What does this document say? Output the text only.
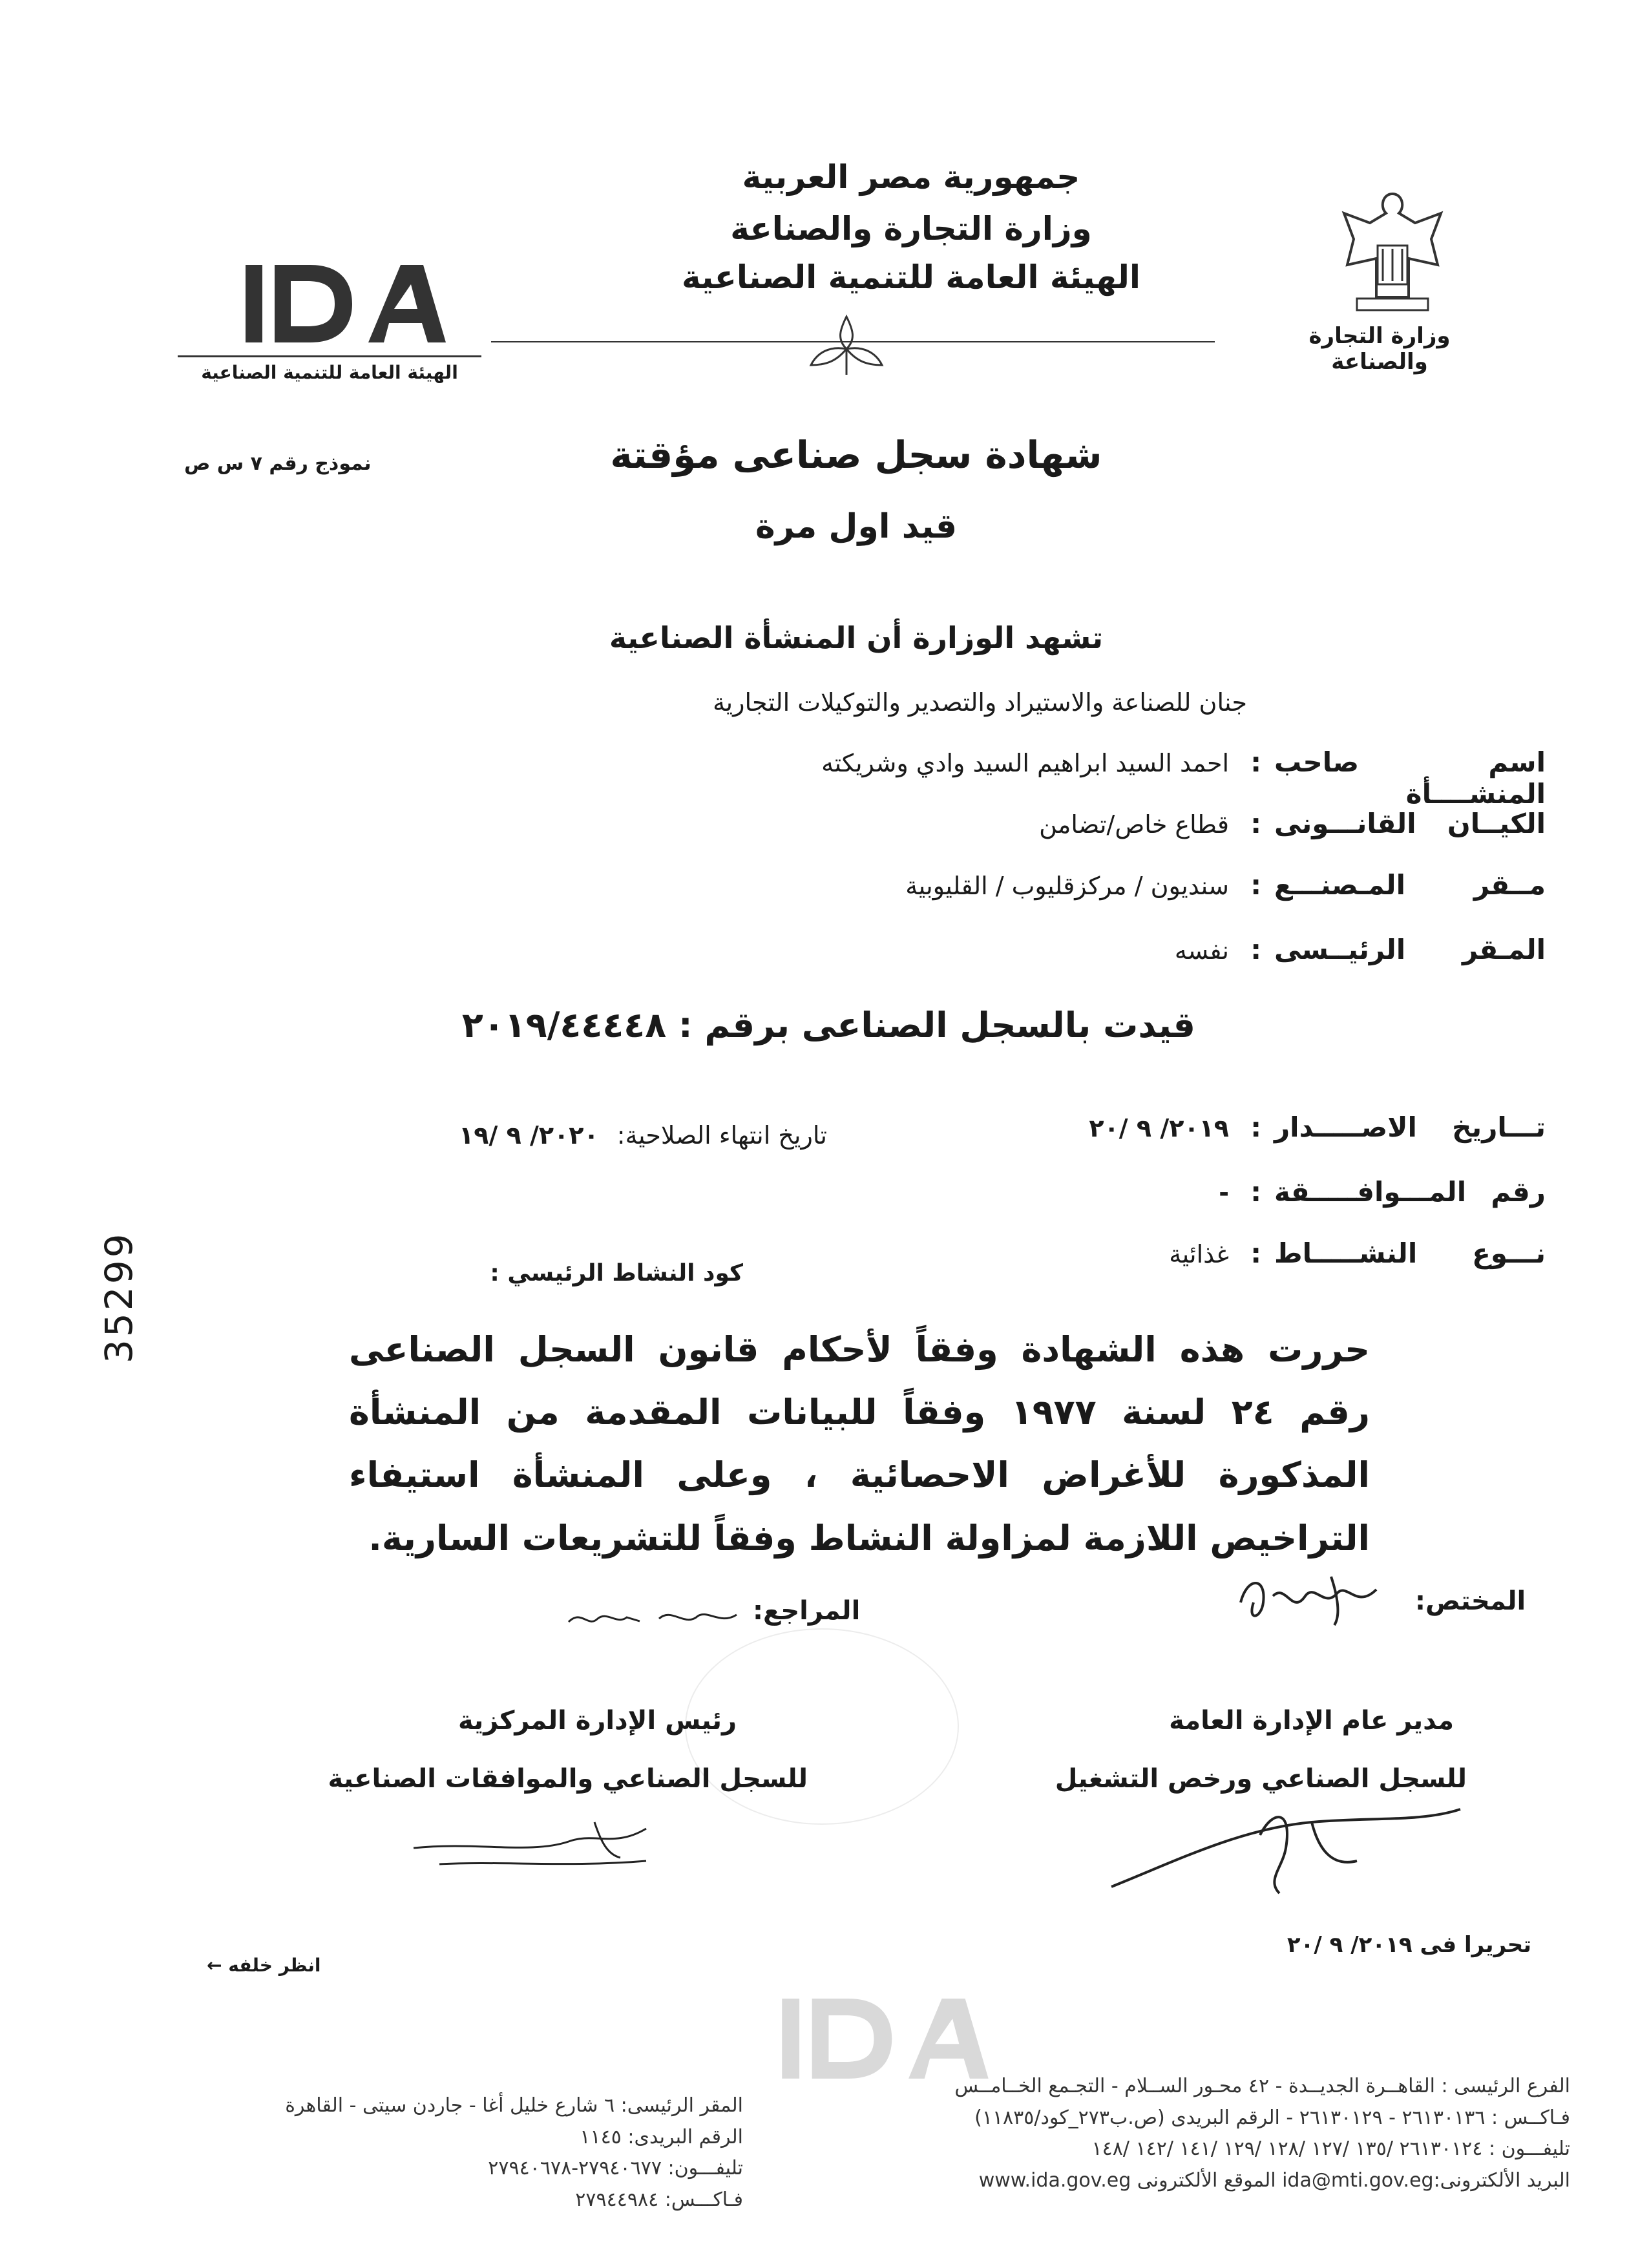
جمهورية مصر العربية
وزارة التجارة والصناعة
الهيئة العامة للتنمية الصناعية
وزارة التجارة والصناعة
الهيئة العامة للتنمية الصناعية
نموذج رقم ٧ س ص	شهادة سجل صناعى مؤقتة
قيد اول مرة
تشهد الوزارة أن المنشأة الصناعية
جنان للصناعة والاستيراد والتصدير والتوكيلات التجارية
اسم صاحب المنشــــأة
:
احمد السيد ابراهيم السيد وادي وشريكته
الكيــان القانـــونى
:
قطاع خاص/تضامن
مــقر المـصنـــع
:
سنديون / مركزقليوب / القليوبية
المـقر الرئيــسى
:
نفسه
قيدت بالسجل الصناعى برقم : ٢٠١٩/٤٤٤٤٨
تـــاريخ الاصـــــدار
:
٢٠١٩/ ٩ /٢٠
تاريخ انتهاء الصلاحية: ٢٠٢٠/ ٩ /١٩
رقم المـــوافـــــقة
:
-
نـــوع النشـــــاط
:
غذائية
كود النشاط الرئيسي :
35299	حررت هذه الشهادة وفقاً لأحكام قانون السجل الصناعى رقم ٢٤ لسنة ١٩٧٧ وفقاً للبيانات المقدمة من المنشأة المذكورة للأغراض الاحصائية ، وعلى المنشأة استيفاء التراخيص اللازمة لمزاولة النشاط وفقاً للتشريعات السارية.
المختص:
المراجع:
مدير عام الإدارة العامة
للسجل الصناعي ورخص التشغيل
رئيس الإدارة المركزية
للسجل الصناعي والموافقات الصناعية
تحريرا فى ٢٠١٩/ ٩ /٢٠
انظر خلفه ←
الفرع الرئيسى : القاهــرة الجديــدة - ٤٢ محـور الســلام - التجـمع الخــامــس
فـاكــس : ٢٦١٣٠١٣٦ - ٢٦١٣٠١٢٩ - الرقم البريدى (ص.ب٢٧٣_كود/١١٨٣٥)
تليفـــون : ٢٦١٣٠١٢٤ /١٣٥ /١٢٧ /١٢٨ /١٢٩ /١٤١ /١٤٢ /١٤٨
البريد الألكترونى:ida@mti.gov.eg الموقع الألكترونى www.ida.gov.eg
المقر الرئيسى: ٦ شارع خليل أغا - جاردن سيتى - القاهرة
الرقم البريدى: ١١٤٥
تليفـــون: ٢٧٩٤٠٦٧٧-٢٧٩٤٠٦٧٨
فـاكـــس: ٢٧٩٤٤٩٨٤
